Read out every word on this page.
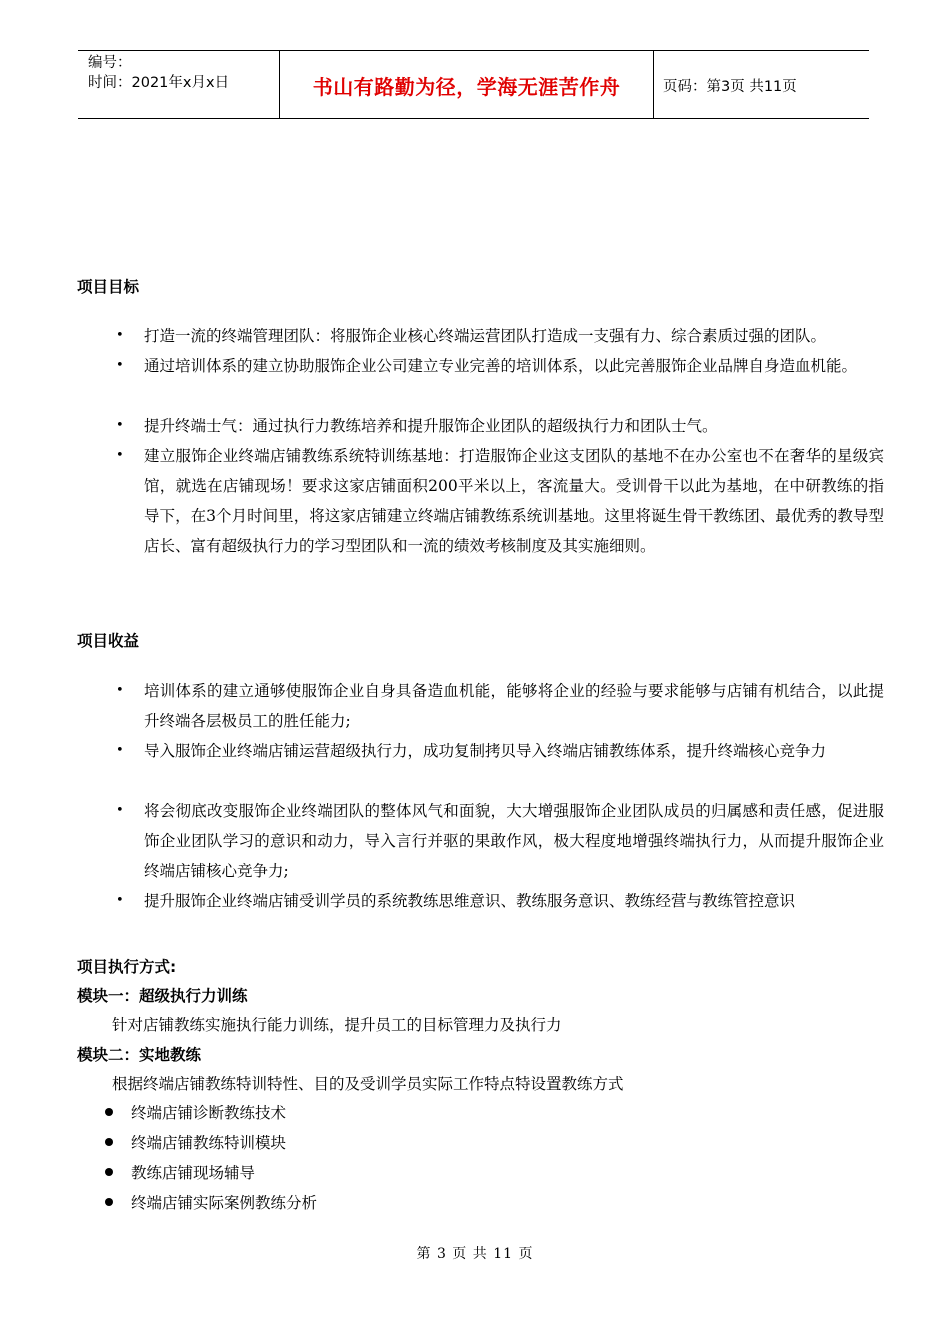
编号：
时间：2021年x月x日	书山有路勤为径，学海无涯苦作舟	页码：第3页 共11页
项目目标
• 打造一流的终端管理团队：将服饰企业核心终端运营团队打造成一支强有力、综合素质过强的团队。
• 通过培训体系的建立协助服饰企业公司建立专业完善的培训体系，以此完善服饰企业品牌自身造血机能。
• 提升终端士气：通过执行力教练培养和提升服饰企业团队的超级执行力和团队士气。
• 建立服饰企业终端店铺教练系统特训练基地：打造服饰企业这支团队的基地不在办公室也不在奢华的星级宾馆，就选在店铺现场！要求这家店铺面积200平米以上，客流量大。受训骨干以此为基地，在中研教练的指导下，在3个月时间里，将这家店铺建立终端店铺教练系统训基地。这里将诞生骨干教练团、最优秀的教导型店长、富有超级执行力的学习型团队和一流的绩效考核制度及其实施细则。
项目收益
• 培训体系的建立通够使服饰企业自身具备造血机能，能够将企业的经验与要求能够与店铺有机结合，以此提升终端各层极员工的胜任能力;
• 导入服饰企业终端店铺运营超级执行力，成功复制拷贝导入终端店铺教练体系，提升终端核心竞争力
• 将会彻底改变服饰企业终端团队的整体风气和面貌，大大增强服饰企业团队成员的归属感和责任感，促进服饰企业团队学习的意识和动力，导入言行并驱的果敢作风，极大程度地增强终端执行力，从而提升服饰企业终端店铺核心竞争力;
• 提升服饰企业终端店铺受训学员的系统教练思维意识、教练服务意识、教练经营与教练管控意识
项目执行方式:
模块一：超级执行力训练
针对店铺教练实施执行能力训练，提升员工的目标管理力及执行力
模块二：实地教练
根据终端店铺教练特训特性、目的及受训学员实际工作特点特设置教练方式
终端店铺诊断教练技术
终端店铺教练特训模块
教练店铺现场辅导
终端店铺实际案例教练分析
第 3 页 共 11 页
